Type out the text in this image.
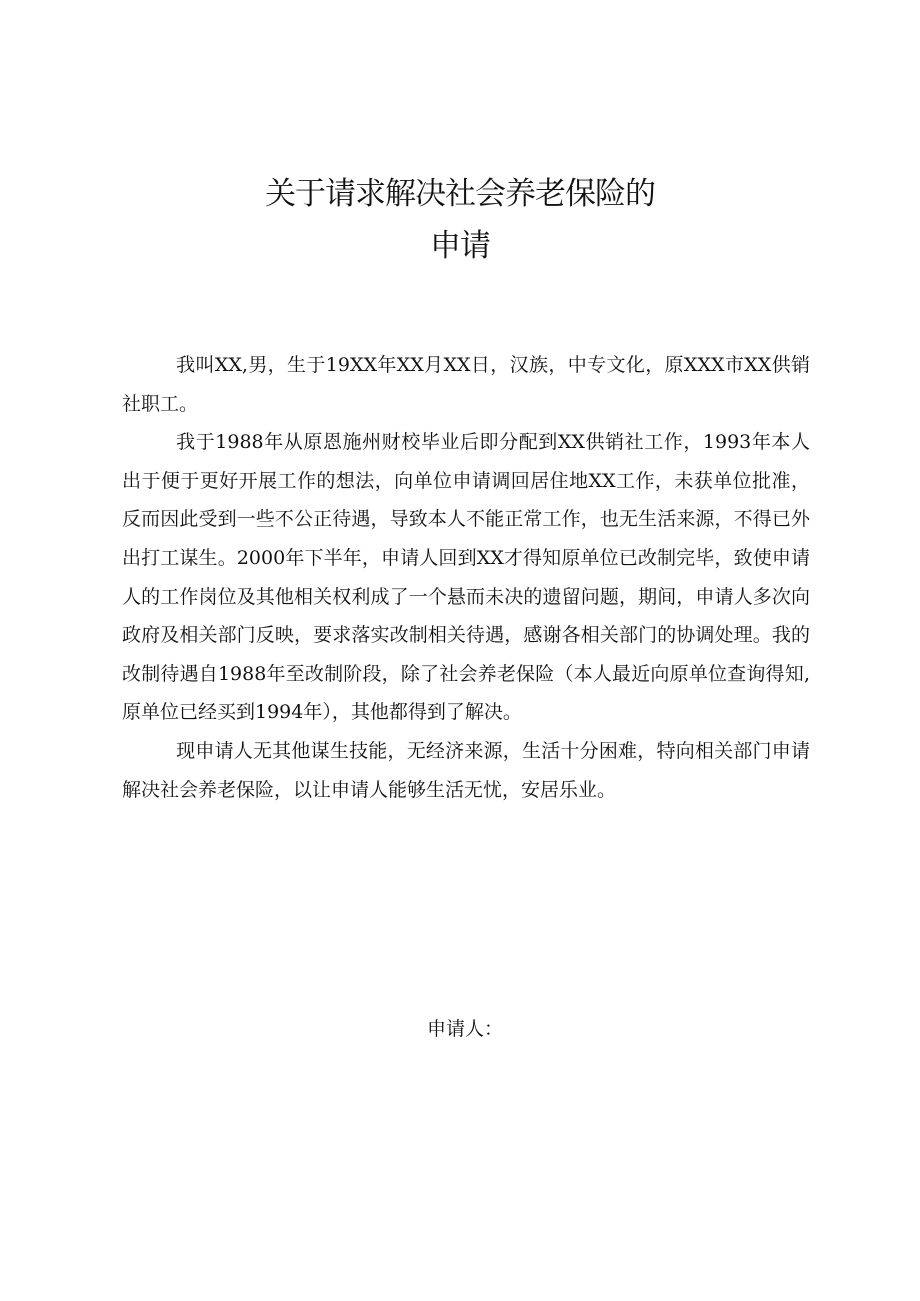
关于请求解决社会养老保险的
申请

我叫XX,男，生于19XX年XX月XX日，汉族，中专文化，原XXX市XX供销社职工。

我于1988年从原恩施州财校毕业后即分配到XX供销社工作，1993年本人出于便于更好开展工作的想法，向单位申请调回居住地XX工作，未获单位批准，反而因此受到一些不公正待遇，导致本人不能正常工作，也无生活来源，不得已外出打工谋生。2000年下半年，申请人回到XX才得知原单位已改制完毕，致使申请人的工作岗位及其他相关权利成了一个悬而未决的遗留问题，期间，申请人多次向政府及相关部门反映，要求落实改制相关待遇，感谢各相关部门的协调处理。我的改制待遇自1988年至改制阶段，除了社会养老保险（本人最近向原单位查询得知,原单位已经买到1994年），其他都得到了解决。

现申请人无其他谋生技能，无经济来源，生活十分困难，特向相关部门申请解决社会养老保险，以让申请人能够生活无忧，安居乐业。

申请人：
